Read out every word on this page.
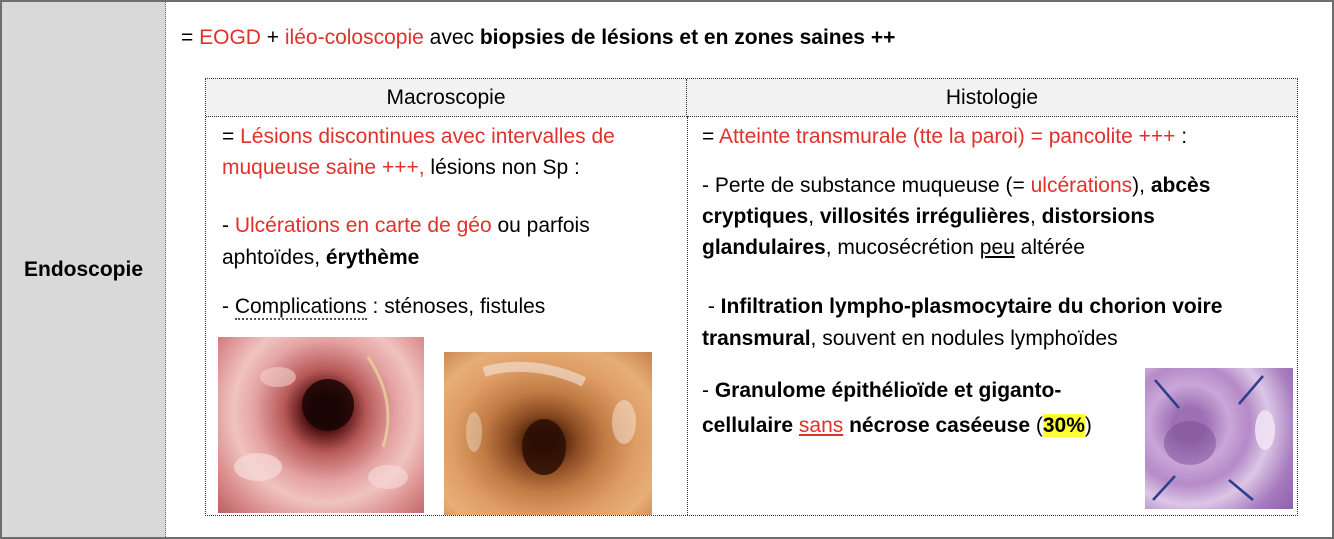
Endoscopie
= EOGD + iléo-coloscopie avec biopsies de lésions et en zones saines ++
Macroscopie	Histologie
= Lésions discontinues avec intervalles de
muqueuse saine +++, lésions non Sp :
- Ulcérations en carte de géo ou parfois
aphtoïdes, érythème
- Complications : sténoses, fistules
= Atteinte transmurale (tte la paroi) = pancolite +++ :
- Perte de substance muqueuse (= ulcérations), abcès
cryptiques, villosités irrégulières, distorsions
glandulaires, mucosécrétion peu altérée
- Infiltration lympho-plasmocytaire du chorion voire
transmural, souvent en nodules lymphoïdes
- Granulome épithélioïde et giganto-
cellulaire sans nécrose caséeuse (30%)
